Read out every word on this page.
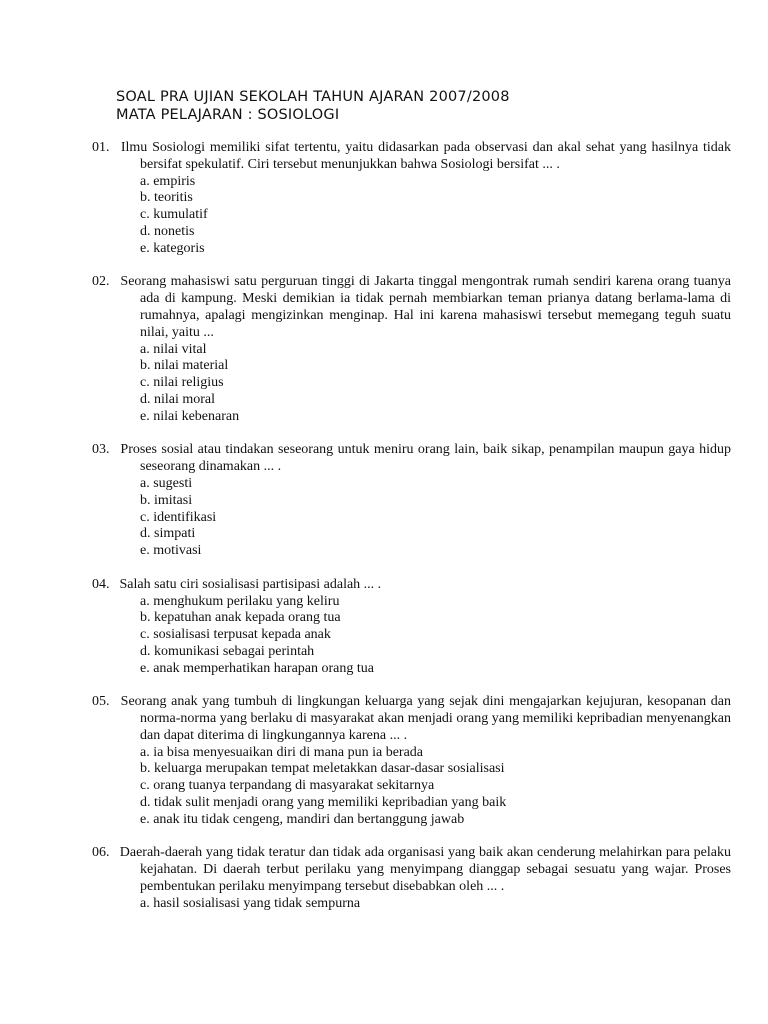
SOAL PRA UJIAN SEKOLAH TAHUN AJARAN 2007/2008
MATA PELAJARAN : SOSIOLOGI
01. Ilmu Sosiologi memiliki sifat tertentu, yaitu didasarkan pada observasi dan akal sehat yang hasilnya tidak bersifat spekulatif. Ciri tersebut menunjukkan bahwa Sosiologi bersifat ... .
a. empiris
b. teoritis
c. kumulatif
d. nonetis
e. kategoris
02. Seorang mahasiswi satu perguruan tinggi di Jakarta tinggal mengontrak rumah sendiri karena orang tuanya ada di kampung. Meski demikian ia tidak pernah membiarkan teman prianya datang berlama-lama di rumahnya, apalagi mengizinkan menginap. Hal ini karena mahasiswi tersebut memegang teguh suatu nilai, yaitu ...
a. nilai vital
b. nilai material
c. nilai religius
d. nilai moral
e. nilai kebenaran
03. Proses sosial atau tindakan seseorang untuk meniru orang lain, baik sikap, penampilan maupun gaya hidup seseorang dinamakan ... .
a. sugesti
b. imitasi
c. identifikasi
d. simpati
e. motivasi
04. Salah satu ciri sosialisasi partisipasi adalah ... .
a. menghukum perilaku yang keliru
b. kepatuhan anak kepada orang tua
c. sosialisasi terpusat kepada anak
d. komunikasi sebagai perintah
e. anak memperhatikan harapan orang tua
05. Seorang anak yang tumbuh di lingkungan keluarga yang sejak dini mengajarkan kejujuran, kesopanan dan norma-norma yang berlaku di masyarakat akan menjadi orang yang memiliki kepribadian menyenangkan dan dapat diterima di lingkungannya karena ... .
a. ia bisa menyesuaikan diri di mana pun ia berada
b. keluarga merupakan tempat meletakkan dasar-dasar sosialisasi
c. orang tuanya terpandang di masyarakat sekitarnya
d. tidak sulit menjadi orang yang memiliki kepribadian yang baik
e. anak itu tidak cengeng, mandiri dan bertanggung jawab
06. Daerah-daerah yang tidak teratur dan tidak ada organisasi yang baik akan cenderung melahirkan para pelaku kejahatan. Di daerah terbut perilaku yang menyimpang dianggap sebagai sesuatu yang wajar. Proses pembentukan perilaku menyimpang tersebut disebabkan oleh ... .
a. hasil sosialisasi yang tidak sempurna
